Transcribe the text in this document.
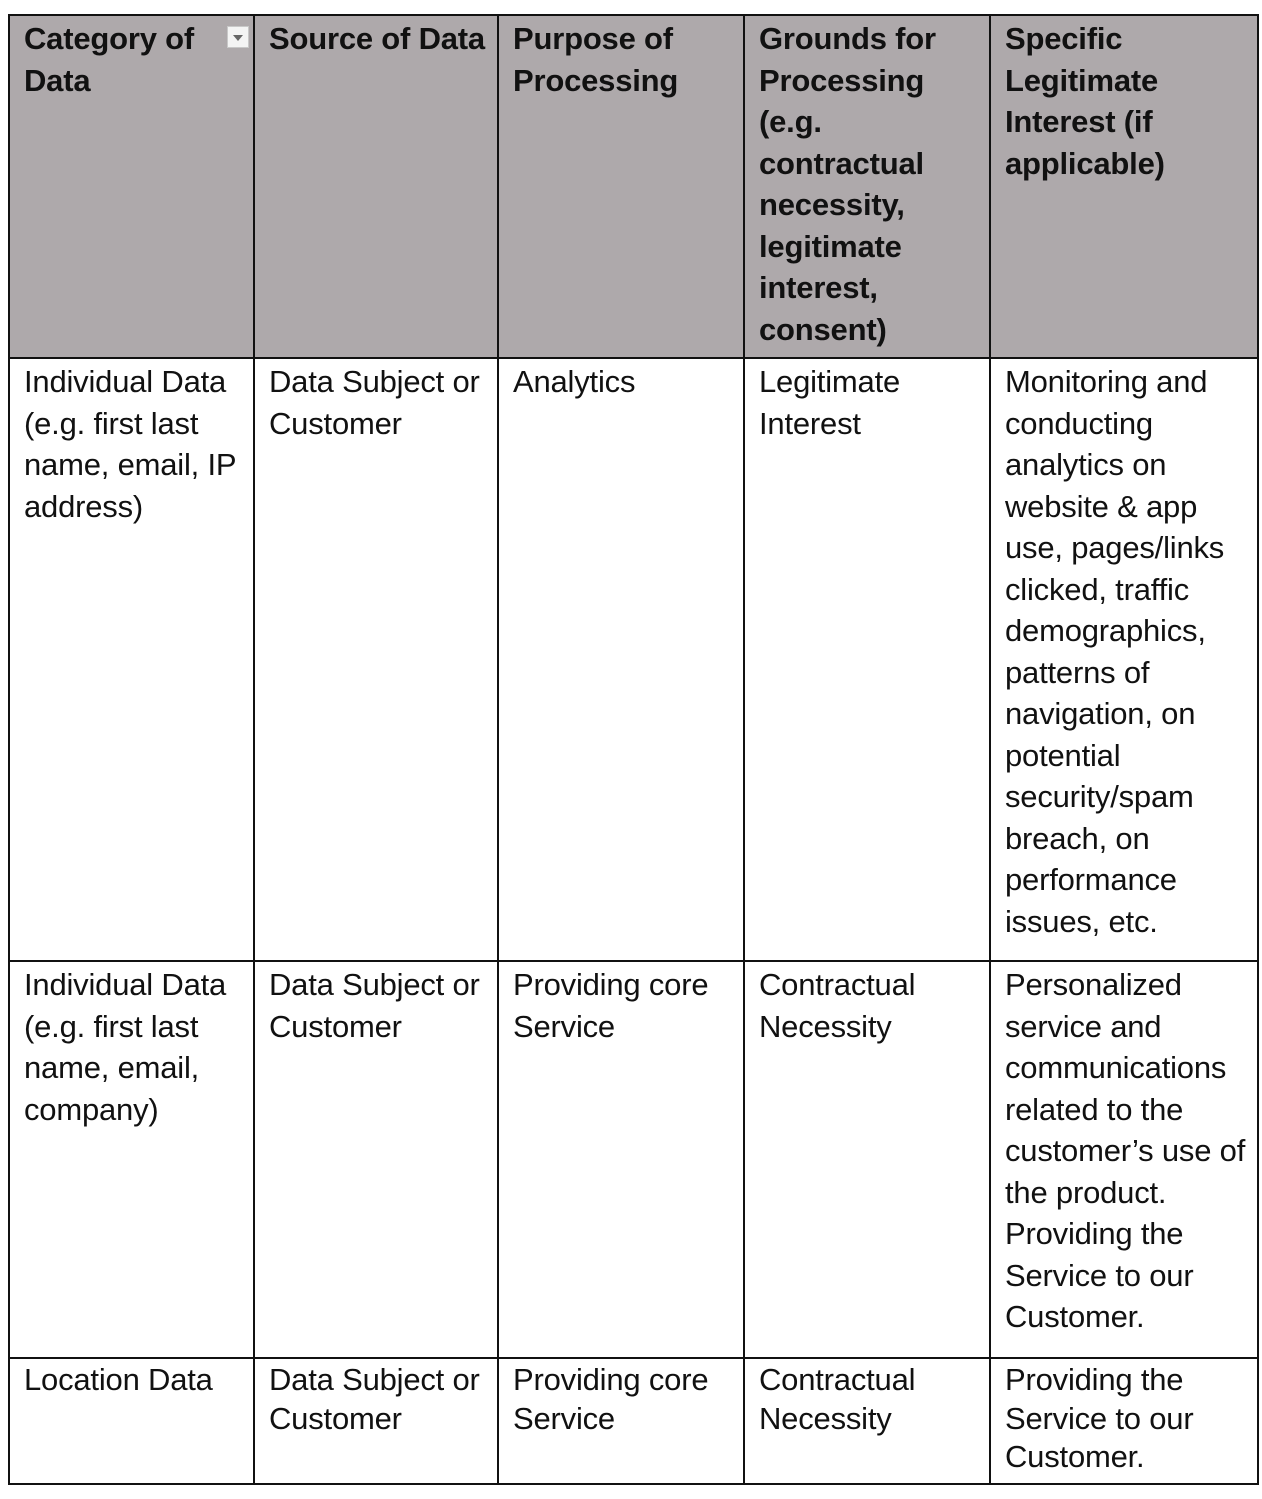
Category of Data	Source of Data	Purpose of Processing	Grounds for Processing (e.g. contractual necessity, legitimate interest, consent)	Specific Legitimate Interest (if applicable)
Individual Data (e.g. first last name, email, IP address)	Data Subject or Customer	Analytics	Legitimate Interest	Monitoring and conducting analytics on website & app use, pages/links clicked, traffic demographics, patterns of navigation, on potential security/spam breach, on performance issues, etc.
Individual Data (e.g. first last name, email, company)	Data Subject or Customer	Providing core Service	Contractual Necessity	Personalized service and communications related to the customer’s use of the product. Providing the Service to our Customer.
Location Data	Data Subject or Customer	Providing core Service	Contractual Necessity	Providing the Service to our Customer.
